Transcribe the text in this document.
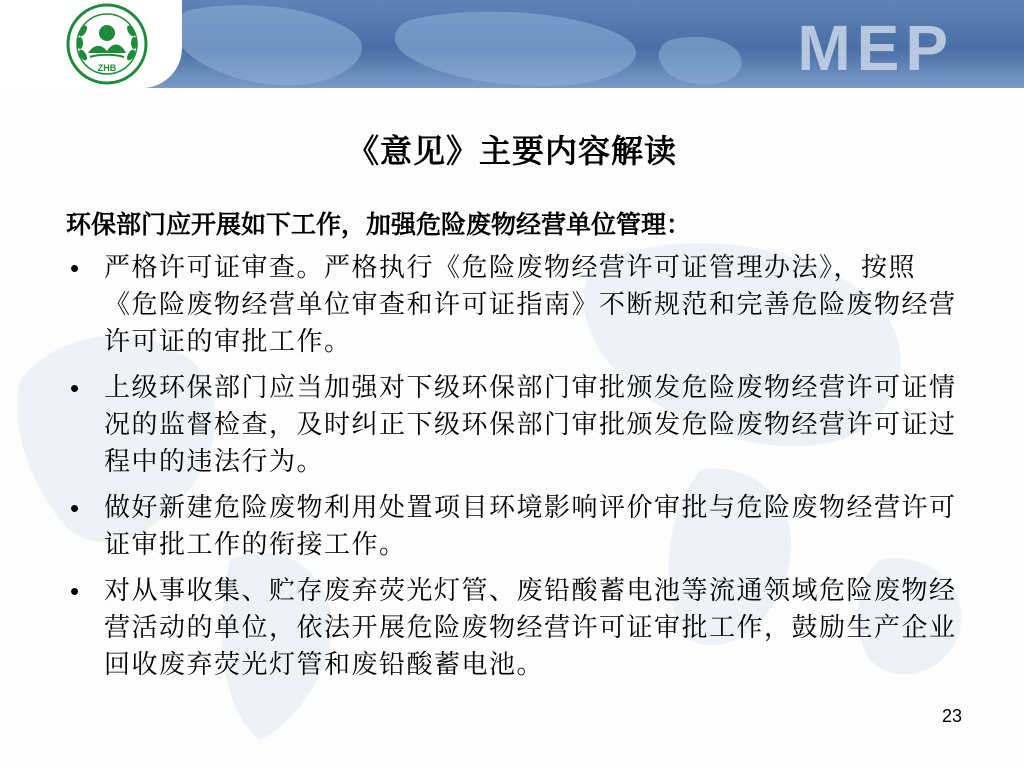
MEP
ZHB
《意见》主要内容解读
环保部门应开展如下工作，加强危险废物经营单位管理：
• 严格许可证审查。严格执行《危险废物经营许可证管理办法》，按照《危险废物经营单位审查和许可证指南》不断规范和完善危险废物经营许可证的审批工作。
• 上级环保部门应当加强对下级环保部门审批颁发危险废物经营许可证情况的监督检查，及时纠正下级环保部门审批颁发危险废物经营许可证过程中的违法行为。
• 做好新建危险废物利用处置项目环境影响评价审批与危险废物经营许可证审批工作的衔接工作。
• 对从事收集、贮存废弃荧光灯管、废铅酸蓄电池等流通领域危险废物经营活动的单位，依法开展危险废物经营许可证审批工作，鼓励生产企业回收废弃荧光灯管和废铅酸蓄电池。
23
